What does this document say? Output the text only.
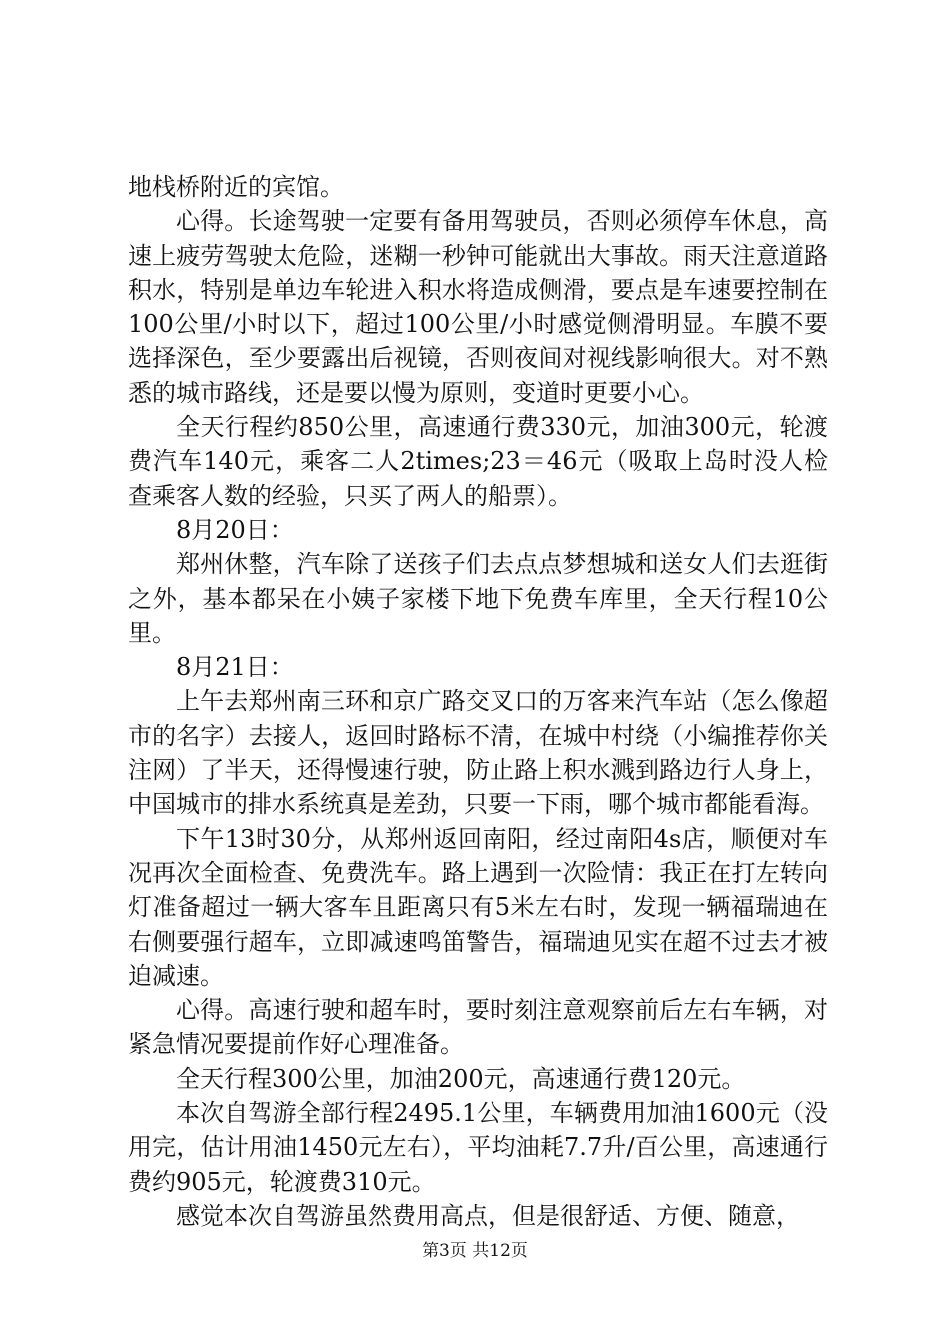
地栈桥附近的宾馆。

心得。长途驾驶一定要有备用驾驶员，否则必须停车休息，高速上疲劳驾驶太危险，迷糊一秒钟可能就出大事故。雨天注意道路积水，特别是单边车轮进入积水将造成侧滑，要点是车速要控制在100公里/小时以下，超过100公里/小时感觉侧滑明显。车膜不要选择深色，至少要露出后视镜，否则夜间对视线影响很大。对不熟悉的城市路线，还是要以慢为原则，变道时更要小心。

全天行程约850公里，高速通行费330元，加油300元，轮渡费汽车140元，乘客二人2times;23＝46元（吸取上岛时没人检查乘客人数的经验，只买了两人的船票）。

8月20日：

郑州休整，汽车除了送孩子们去点点梦想城和送女人们去逛街之外，基本都呆在小姨子家楼下地下免费车库里，全天行程10公里。

8月21日：

上午去郑州南三环和京广路交叉口的万客来汽车站（怎么像超市的名字）去接人，返回时路标不清，在城中村绕（小编推荐你关注网）了半天，还得慢速行驶，防止路上积水溅到路边行人身上，中国城市的排水系统真是差劲，只要一下雨，哪个城市都能看海。

下午13时30分，从郑州返回南阳，经过南阳4s店，顺便对车况再次全面检查、免费洗车。路上遇到一次险情：我正在打左转向灯准备超过一辆大客车且距离只有5米左右时，发现一辆福瑞迪在右侧要强行超车，立即减速鸣笛警告，福瑞迪见实在超不过去才被迫减速。

心得。高速行驶和超车时，要时刻注意观察前后左右车辆，对紧急情况要提前作好心理准备。

全天行程300公里，加油200元，高速通行费120元。

本次自驾游全部行程2495.1公里，车辆费用加油1600元（没用完，估计用油1450元左右），平均油耗7.7升/百公里，高速通行费约905元，轮渡费310元。

感觉本次自驾游虽然费用高点，但是很舒适、方便、随意，

第3页 共12页
